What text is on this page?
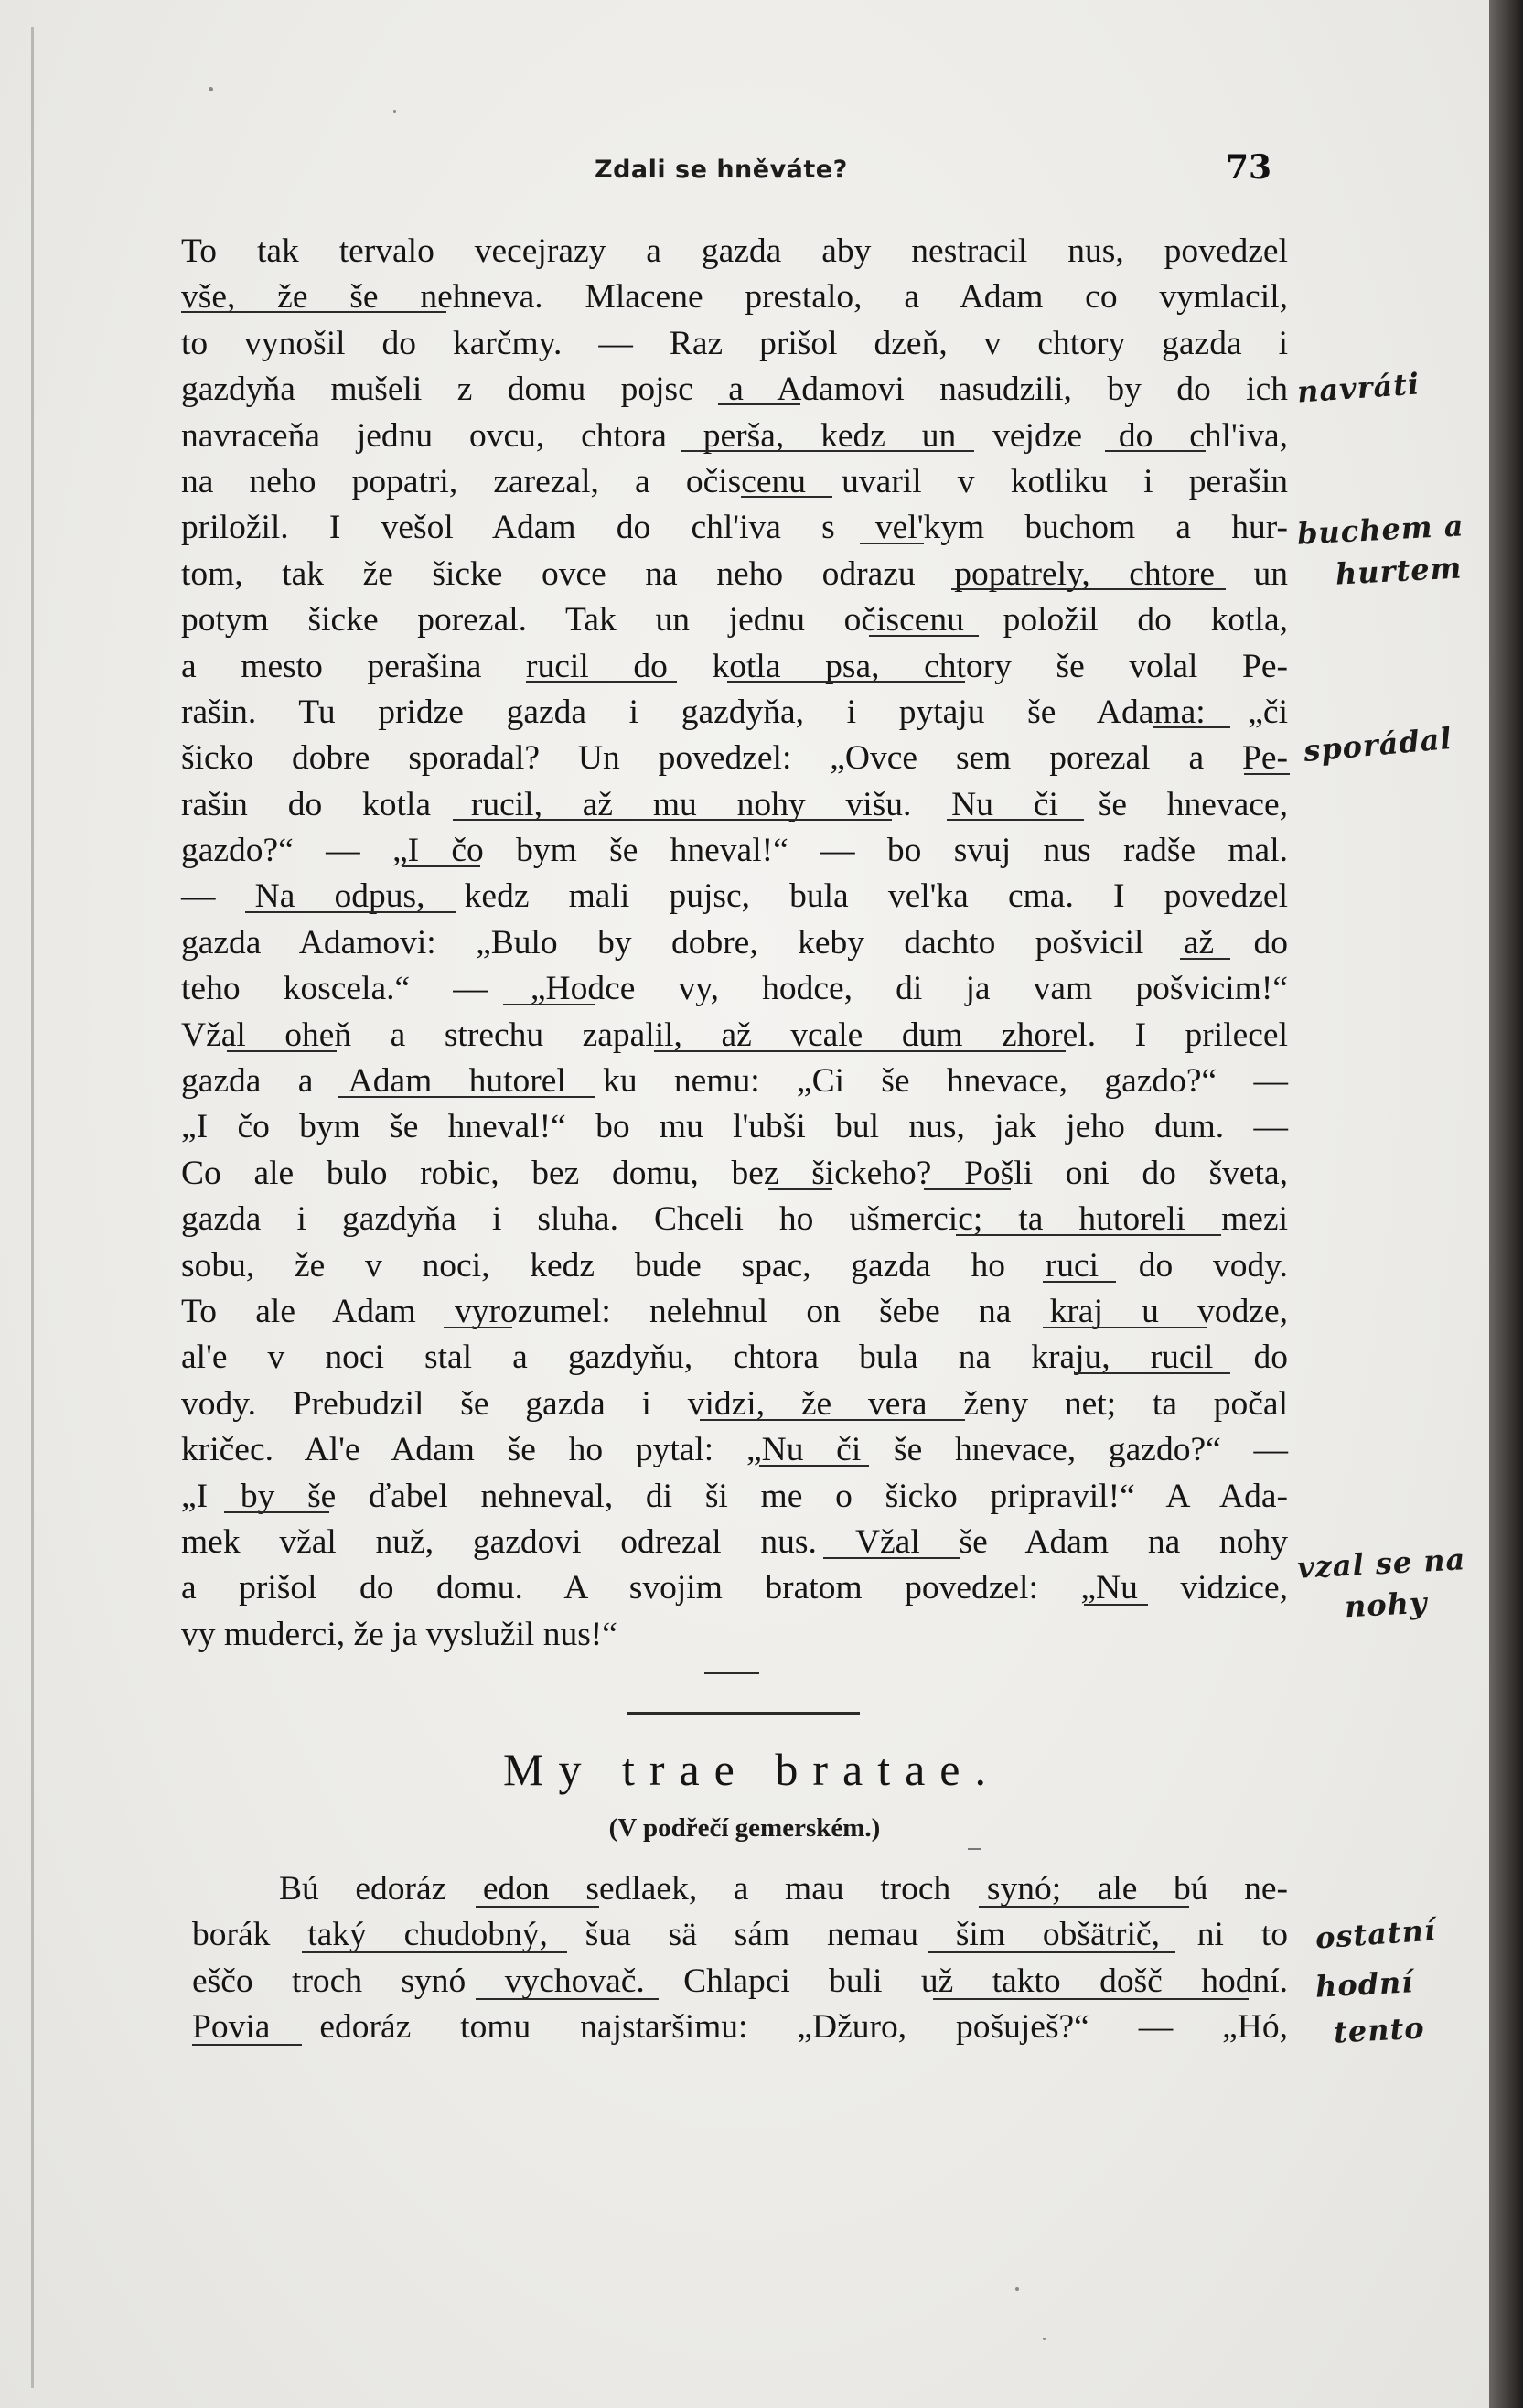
Zdali se hněváte?	73
To tak tervalo vecejrazy a gazda aby nestracil nus, povedzel
vše, že še nehneva. Mlacene prestalo, a Adam co vymlacil,
to vynošil do karčmy. — Raz prišol dzeň, v chtory gazda i
gazdyňa mušeli z domu pojsc a Adamovi nasudzili, by do ich
navraceňa jednu ovcu, chtora perša, kedz un vejdze do chl'iva,
na neho popatri, zarezal, a očiscenu uvaril v kotliku i perašin
priložil. I vešol Adam do chl'iva s vel'kym buchom a hur-
tom, tak že šicke ovce na neho odrazu popatrely, chtore un
potym šicke porezal. Tak un jednu očiscenu položil do kotla,
a mesto perašina rucil do kotla psa, chtory še volal Pe-
rašin. Tu pridze gazda i gazdyňa, i pytaju še Adama: „či
šicko dobre sporadal? Un povedzel: „Ovce sem porezal a Pe-
rašin do kotla rucil, až mu nohy višu. Nu či še hnevace,
gazdo?“ — „I čo bym še hneval!“ — bo svuj nus radše mal.
— Na odpus, kedz mali pujsc, bula vel'ka cma. I povedzel
gazda Adamovi: „Bulo by dobre, keby dachto pošvicil až do
teho koscela.“ — „Hodce vy, hodce, di ja vam pošvicim!“
Vžal oheň a strechu zapalil, až vcale dum zhorel. I prilecel
gazda a Adam hutorel ku nemu: „Ci še hnevace, gazdo?“ —
„I čo bym še hneval!“ bo mu l'ubši bul nus, jak jeho dum. —
Co ale bulo robic, bez domu, bez šickeho? Pošli oni do šveta,
gazda i gazdyňa i sluha. Chceli ho ušmercic; ta hutoreli mezi
sobu, že v noci, kedz bude spac, gazda ho ruci do vody.
To ale Adam vyrozumel: nelehnul on šebe na kraj u vodze,
al'e v noci stal a gazdyňu, chtora bula na kraju, rucil do
vody. Prebudzil še gazda i vidzi, že vera ženy net; ta počal
kričec. Al'e Adam še ho pytal: „Nu či še hnevace, gazdo?“ —
„I by še ďabel nehneval, di ši me o šicko pripravil!“ A Ada-
mek vžal nuž, gazdovi odrezal nus. Vžal še Adam na nohy
a prišol do domu. A svojim bratom povedzel: „Nu vidzice,
vy muderci, že ja vyslužil nus!“
My trae bratae.
(V podřečí gemerském.)
Bú edoráz edon sedlaek, a mau troch synó; ale bú ne-
borák taký chudobný, šua sä sám nemau šim obšätrič, ni to
eščo troch synó vychovač. Chlapci buli už takto došč hodní.
Povia edoráz tomu najstaršimu: „Džuro, pošuješ?“ — „Hó,
navráti
buchem a
hurtem
sporádal
vzal se na
nohy
ostatní
hodní
tento
